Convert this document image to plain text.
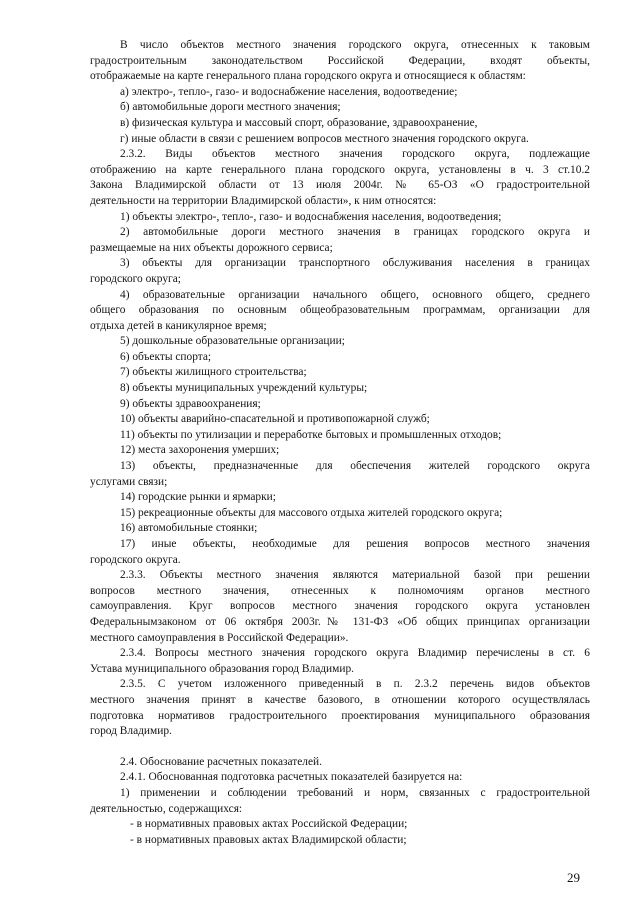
В число объектов местного значения городского округа, отнесенных к таковым

градостроительным законодательством Российской Федерации, входят объекты,

отображаемые на карте генерального плана городского округа и относящиеся к областям:

а) электро-, тепло-, газо- и водоснабжение населения, водоотведение;

б) автомобильные дороги местного значения;

в) физическая культура и массовый спорт, образование, здравоохранение,

г) иные области в связи с решением вопросов местного значения городского округа.

2.3.2. Виды объектов местного значения городского округа, подлежащие

отображению на карте генерального плана городского округа, установлены в ч. 3 ст.10.2

Закона Владимирской области от 13 июля 2004г. № 65-ОЗ «О градостроительной

деятельности на территории Владимирской области», к ним относятся:

1) объекты электро-, тепло-, газо- и водоснабжения населения, водоотведения;

2) автомобильные дороги местного значения в границах городского округа и

размещаемые на них объекты дорожного сервиса;

3) объекты для организации транспортного обслуживания населения в границах

городского округа;

4) образовательные организации начального общего, основного общего, среднего

общего образования по основным общеобразовательным программам, организации для

отдыха детей в каникулярное время;

5) дошкольные образовательные организации;

6) объекты спорта;

7) объекты жилищного строительства;

8) объекты муниципальных учреждений культуры;

9) объекты здравоохранения;

10) объекты аварийно-спасательной и противопожарной служб;

11) объекты по утилизации и переработке бытовых и промышленных отходов;

12) места захоронения умерших;

13) объекты, предназначенные для обеспечения жителей городского округа

услугами связи;

14) городские рынки и ярмарки;

15) рекреационные объекты для массового отдыха жителей городского округа;

16) автомобильные стоянки;

17) иные объекты, необходимые для решения вопросов местного значения

городского округа.

2.3.3. Объекты местного значения являются материальной базой при решении

вопросов местного значения, отнесенных к полномочиям органов местного

самоуправления. Круг вопросов местного значения городского округа установлен

Федеральнымзаконом от 06 октября 2003г.№ 131-ФЗ «Об общих принципах организации

местного самоуправления в Российской Федерации».

2.3.4. Вопросы местного значения городского округа Владимир перечислены в ст. 6

Устава муниципального образования город Владимир.

2.3.5. С учетом изложенного приведенный в п. 2.3.2 перечень видов объектов

местного значения принят в качестве базового, в отношении которого осуществлялась

подготовка нормативов градостроительного проектирования муниципального образования

город Владимир.

2.4. Обоснование расчетных показателей.

2.4.1. Обоснованная подготовка расчетных показателей базируется на:

1) применении и соблюдении требований и норм, связанных с градостроительной

деятельностью, содержащихся:

- в нормативных правовых актах Российской Федерации;

- в нормативных правовых актах Владимирской области;

29
